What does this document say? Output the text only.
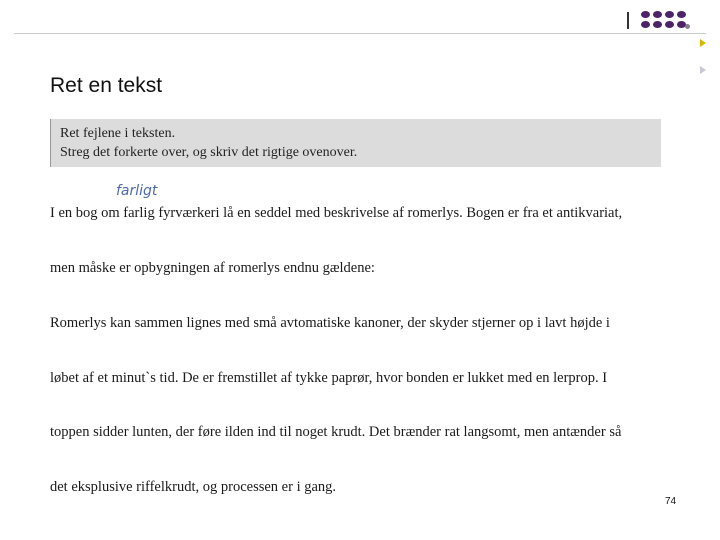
Ret en tekst
Ret fejlene i teksten.
Streg det forkerte over, og skriv det rigtige ovenover.
farligt
I en bog om farlig fyrværkeri lå en seddel med beskrivelse af romerlys. Bogen er fra et antikvariat,
men måske er opbygningen af romerlys endnu gældene:
Romerlys kan sammen lignes med små avtomatiske kanoner, der skyder stjerner op i lavt højde i
løbet af et minut`s tid. De er fremstillet af tykke paprør, hvor bonden er lukket med en lerprop. I
toppen sidder lunten, der føre ilden ind til noget krudt. Det brænder rat langsomt, men antænder så
det eksplusive riffelkrudt, og processen er i gang.
74
